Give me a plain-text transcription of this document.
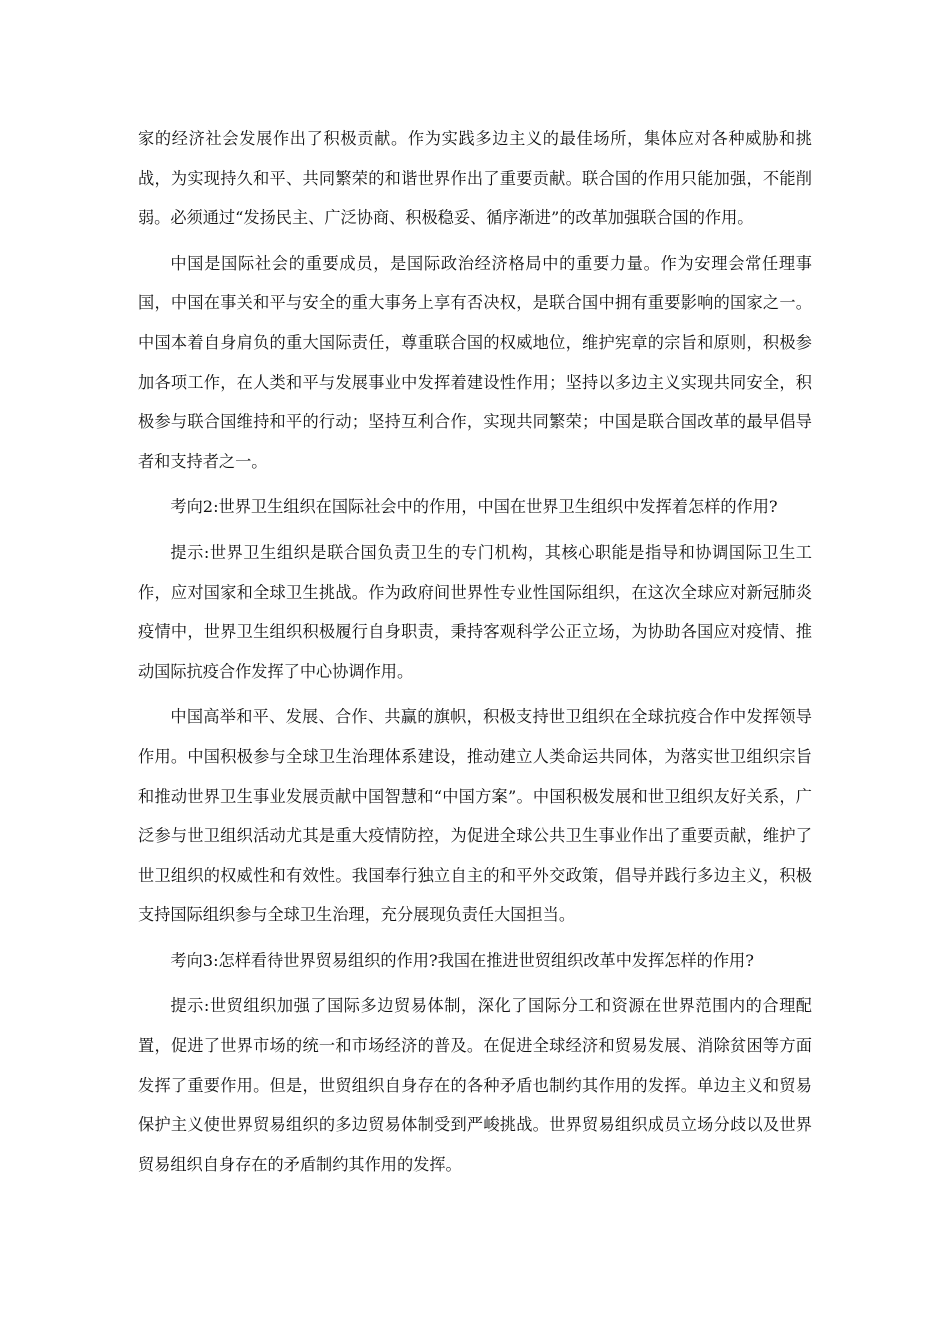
家的经济社会发展作出了积极贡献。作为实践多边主义的最佳场所，集体应对各种威胁和挑战，为实现持久和平、共同繁荣的和谐世界作出了重要贡献。联合国的作用只能加强，不能削弱。必须通过“发扬民主、广泛协商、积极稳妥、循序渐进”的改革加强联合国的作用。

中国是国际社会的重要成员，是国际政治经济格局中的重要力量。作为安理会常任理事国，中国在事关和平与安全的重大事务上享有否决权，是联合国中拥有重要影响的国家之一。中国本着自身肩负的重大国际责任，尊重联合国的权威地位，维护宪章的宗旨和原则，积极参加各项工作，在人类和平与发展事业中发挥着建设性作用；坚持以多边主义实现共同安全，积极参与联合国维持和平的行动；坚持互利合作，实现共同繁荣；中国是联合国改革的最早倡导者和支持者之一。

考向2:世界卫生组织在国际社会中的作用，中国在世界卫生组织中发挥着怎样的作用?

提示:世界卫生组织是联合国负责卫生的专门机构，其核心职能是指导和协调国际卫生工作，应对国家和全球卫生挑战。作为政府间世界性专业性国际组织，在这次全球应对新冠肺炎疫情中，世界卫生组织积极履行自身职责，秉持客观科学公正立场，为协助各国应对疫情、推动国际抗疫合作发挥了中心协调作用。

中国高举和平、发展、合作、共赢的旗帜，积极支持世卫组织在全球抗疫合作中发挥领导作用。中国积极参与全球卫生治理体系建设，推动建立人类命运共同体，为落实世卫组织宗旨和推动世界卫生事业发展贡献中国智慧和“中国方案”。中国积极发展和世卫组织友好关系，广泛参与世卫组织活动尤其是重大疫情防控，为促进全球公共卫生事业作出了重要贡献，维护了世卫组织的权威性和有效性。我国奉行独立自主的和平外交政策，倡导并践行多边主义，积极支持国际组织参与全球卫生治理，充分展现负责任大国担当。

考向3:怎样看待世界贸易组织的作用?我国在推进世贸组织改革中发挥怎样的作用?

提示:世贸组织加强了国际多边贸易体制，深化了国际分工和资源在世界范围内的合理配置，促进了世界市场的统一和市场经济的普及。在促进全球经济和贸易发展、消除贫困等方面发挥了重要作用。但是，世贸组织自身存在的各种矛盾也制约其作用的发挥。单边主义和贸易保护主义使世界贸易组织的多边贸易体制受到严峻挑战。世界贸易组织成员立场分歧以及世界贸易组织自身存在的矛盾制约其作用的发挥。
